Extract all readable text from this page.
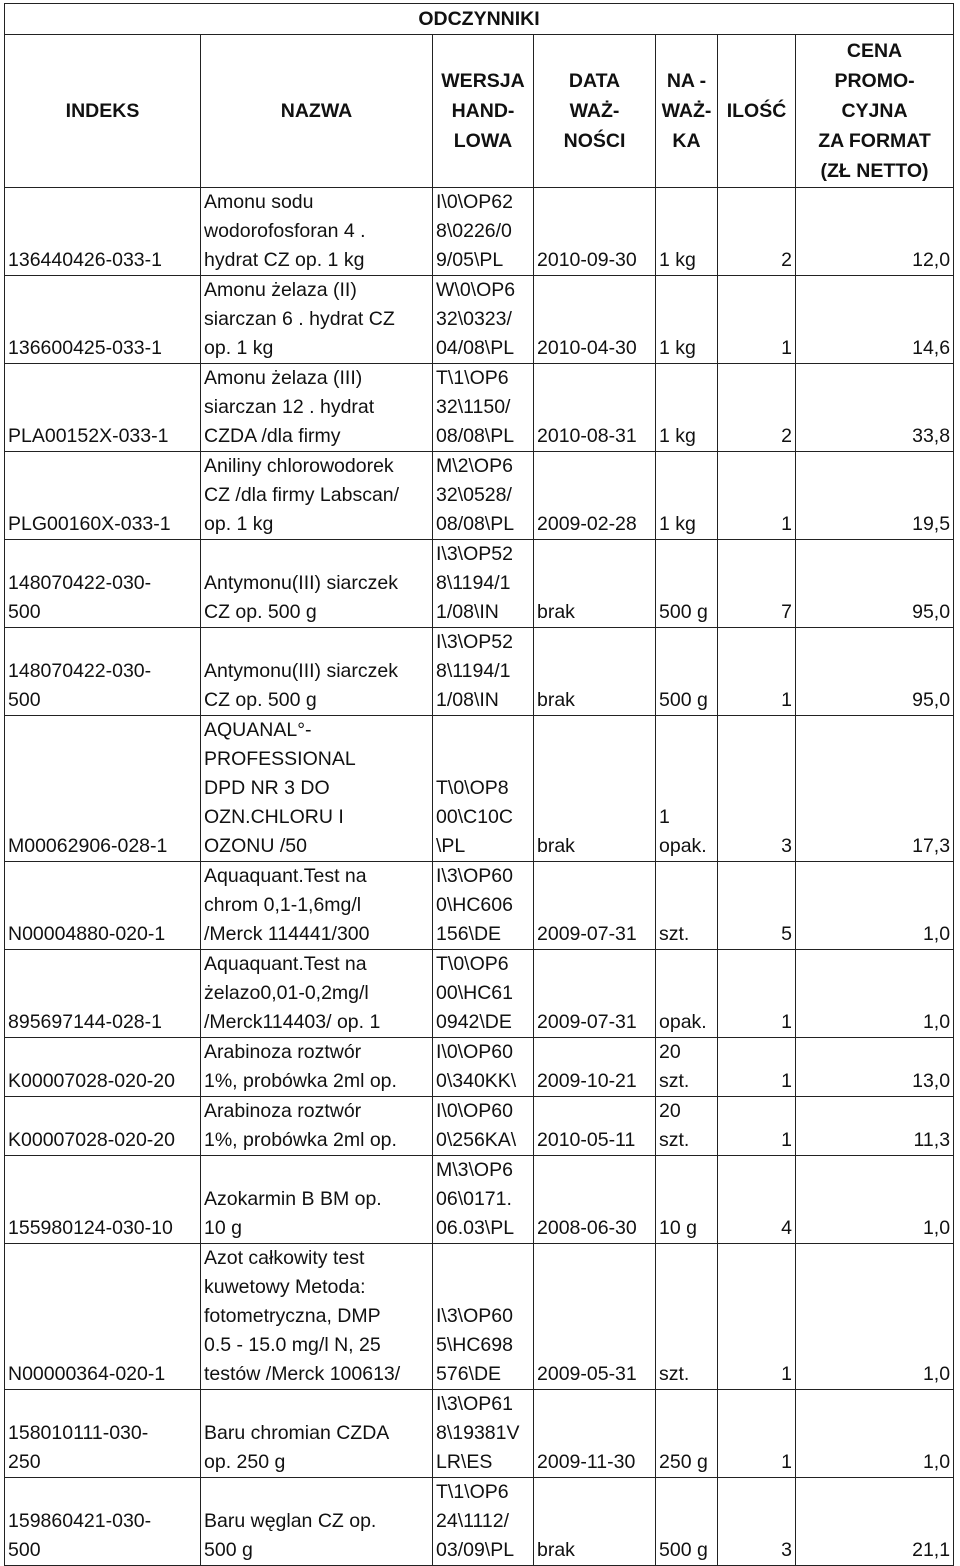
ODCZYNNIKI						
INDEKS	NAZWA	WERSJA
HAND-
LOWA	DATA
WAŻ-
NOŚCI	NA -
WAŻ-
KA	ILOŚĆ	CENA
PROMO-
CYJNA
ZA FORMAT
(ZŁ NETTO)
136440426-033-1	Amonu sodu
wodorofosforan 4 .
hydrat CZ op. 1 kg	I\0\OP62
8\0226/0
9/05\PL	2010-09-30	1 kg	2	12,0
136600425-033-1	Amonu żelaza (II)
siarczan 6 . hydrat CZ
op. 1 kg	W\0\OP6
32\0323/
04/08\PL	2010-04-30	1 kg	1	14,6
PLA00152X-033-1	Amonu żelaza (III)
siarczan 12 . hydrat
CZDA /dla firmy	T\1\OP6
32\1150/
08/08\PL	2010-08-31	1 kg	2	33,8
PLG00160X-033-1	Aniliny chlorowodorek
CZ /dla firmy Labscan/
op. 1 kg	M\2\OP6
32\0528/
08/08\PL	2009-02-28	1 kg	1	19,5
148070422-030-
500	Antymonu(III) siarczek
CZ op. 500 g	I\3\OP52
8\1194/1
1/08\IN	brak	500 g	7	95,0
148070422-030-
500	Antymonu(III) siarczek
CZ op. 500 g	I\3\OP52
8\1194/1
1/08\IN	brak	500 g	1	95,0
M00062906-028-1	AQUANAL°-
PROFESSIONAL
DPD NR 3 DO
OZN.CHLORU I
OZONU /50	T\0\OP8
00\C10C
\PL	brak	1
opak.	3	17,3
N00004880-020-1	Aquaquant.Test na
chrom 0,1-1,6mg/l
/Merck 114441/300	I\3\OP60
0\HC606
156\DE	2009-07-31	szt.	5	1,0
895697144-028-1	Aquaquant.Test na
żelazo0,01-0,2mg/l
/Merck114403/ op. 1	T\0\OP6
00\HC61
0942\DE	2009-07-31	opak.	1	1,0
K00007028-020-20	Arabinoza roztwór
1%, probówka 2ml op.	I\0\OP60
0\340KK\	2009-10-21	20
szt.	1	13,0
K00007028-020-20	Arabinoza roztwór
1%, probówka 2ml op.	I\0\OP60
0\256KA\	2010-05-11	20
szt.	1	11,3
155980124-030-10	Azokarmin B BM op.
10 g	M\3\OP6
06\0171.
06.03\PL	2008-06-30	10 g	4	1,0
N00000364-020-1	Azot całkowity test
kuwetowy Metoda:
fotometryczna, DMP
0.5 - 15.0 mg/l N, 25
testów /Merck 100613/	I\3\OP60
5\HC698
576\DE	2009-05-31	szt.	1	1,0
158010111-030-
250	Baru chromian CZDA
op. 250 g	I\3\OP61
8\19381V
LR\ES	2009-11-30	250 g	1	1,0
159860421-030-
500	Baru węglan CZ op.
500 g	T\1\OP6
24\1112/
03/09\PL	brak	500 g	3	21,1
